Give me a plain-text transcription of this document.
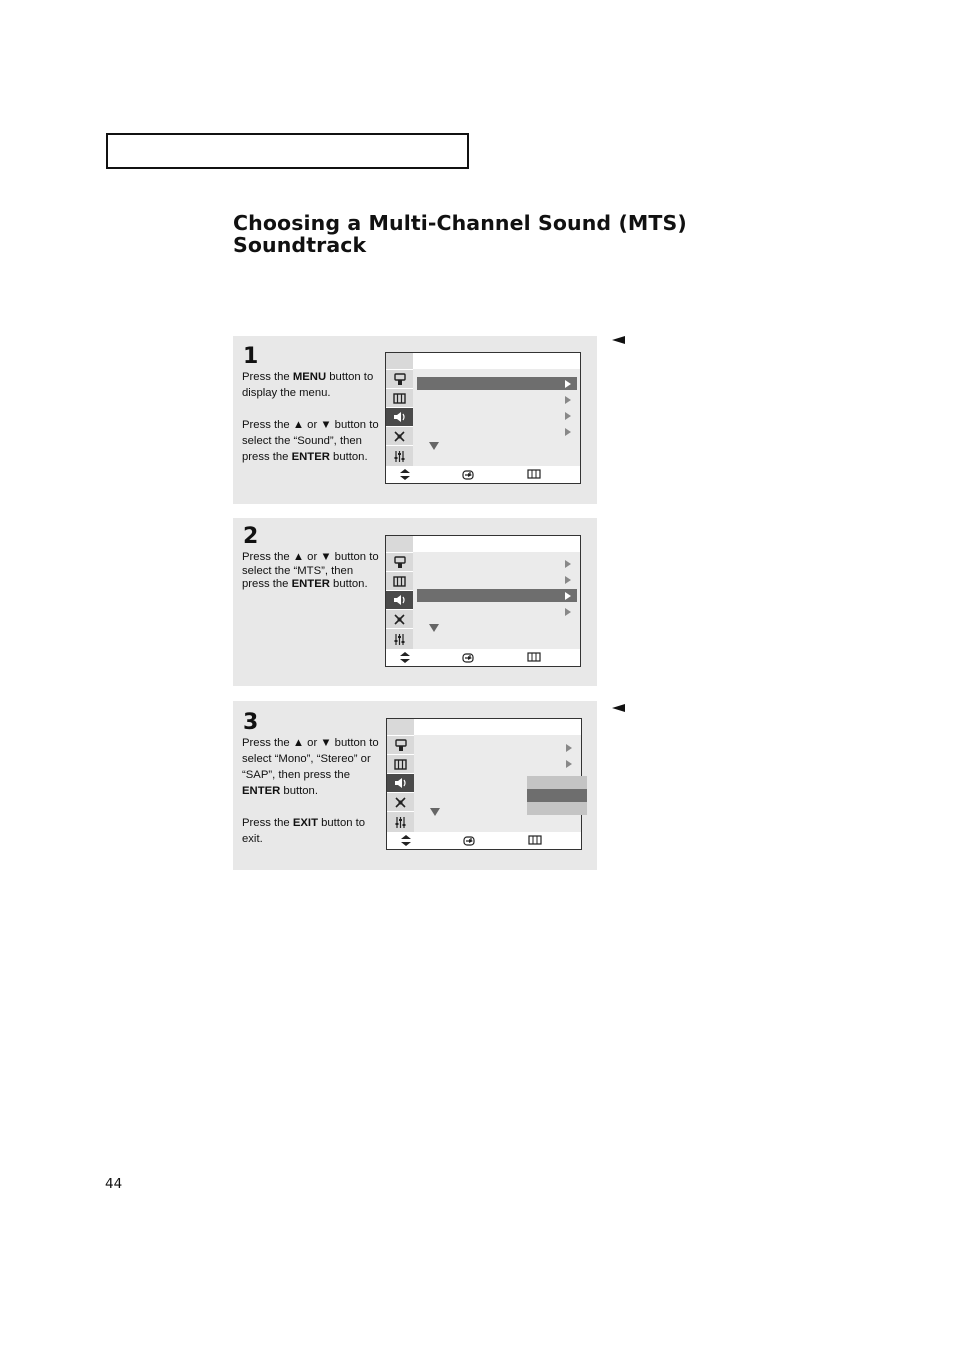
Choosing a Multi-Channel Sound (MTS) Soundtrack
1

Press the MENU button to display the menu.

Press the ▲ or ▼ button to select the “Sound”, then press the ENTER button.

2

Press the ▲ or ▼ button to select the “MTS”, then press the ENTER button.

3

Press the ▲ or ▼ button to select “Mono”, “Stereo” or “SAP”, then press the ENTER button.

Press the EXIT button to exit.

44
